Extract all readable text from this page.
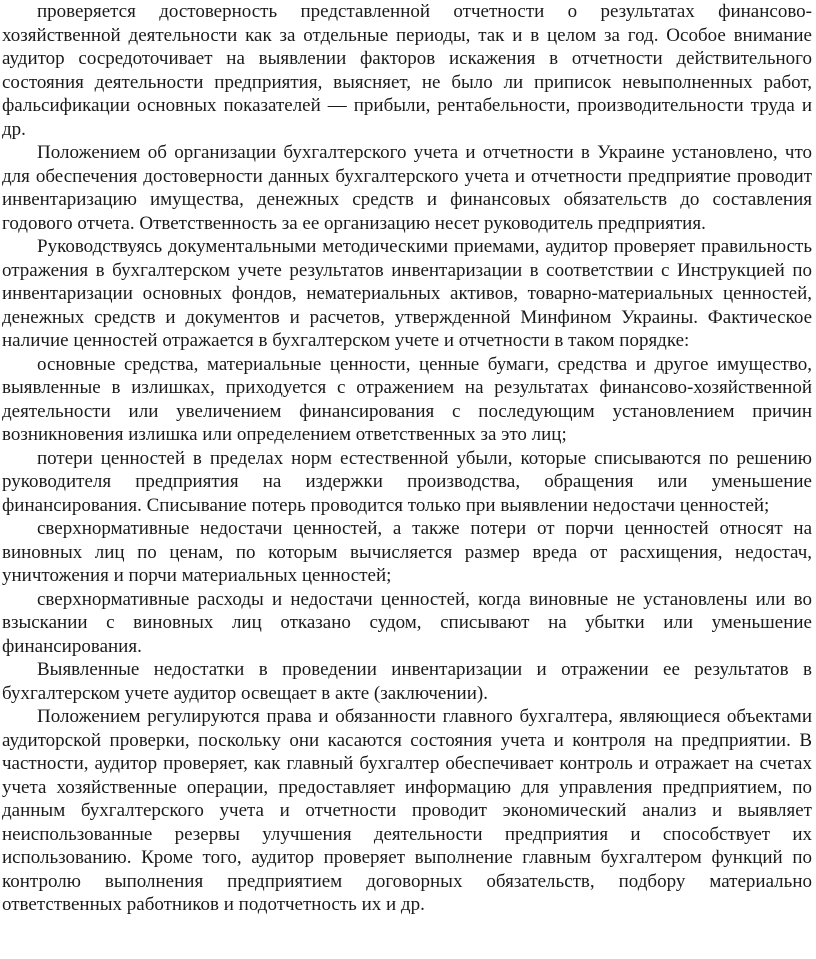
проверяется достоверность представленной отчетности о результатах финансово-хозяйственной деятельности как за отдельные периоды, так и в целом за год. Особое внимание аудитор сосредоточивает на выявлении факторов искажения в отчетности действительного состояния деятельности предприятия, выясняет, не было ли приписок невыполненных работ, фальсификации основных показателей — прибыли, рентабельности, производительности труда и др.

Положением об организации бухгалтерского учета и отчетности в Украине установлено, что для обеспечения достоверности данных бухгалтерского учета и отчетности предприятие проводит инвентаризацию имущества, денежных средств и финансовых обязательств до составления годового отчета. Ответственность за ее организацию несет руководитель предприятия.

Руководствуясь документальными методическими приемами, аудитор проверяет правильность отражения в бухгалтерском учете результатов инвентаризации в соответствии с Инструкцией по инвентаризации основных фондов, нематериальных активов, товарно-материальных ценностей, денежных средств и документов и расчетов, утвержденной Минфином Украины. Фактическое наличие ценностей отражается в бухгалтерском учете и отчетности в таком порядке:

основные средства, материальные ценности, ценные бумаги, средства и другое имущество, выявленные в излишках, приходуется с отражением на результатах финансово-хозяйственной деятельности или увеличением финансирования с последующим установлением причин возникновения излишка или определением ответственных за это лиц;

потери ценностей в пределах норм естественной убыли, которые списываются по решению руководителя предприятия на издержки производства, обращения или уменьшение финансирования. Списывание потерь проводится только при выявлении недостачи ценностей;

сверхнормативные недостачи ценностей, а также потери от порчи ценностей относят на виновных лиц по ценам, по которым вычисляется размер вреда от расхищения, недостач, уничтожения и порчи материальных ценностей;

сверхнормативные расходы и недостачи ценностей, когда виновные не установлены или во взыскании с виновных лиц отказано судом, списывают на убытки или уменьшение финансирования.

Выявленные недостатки в проведении инвентаризации и отражении ее результатов в бухгалтерском учете аудитор освещает в акте (заключении).

Положением регулируются права и обязанности главного бухгалтера, являющиеся объектами аудиторской проверки, поскольку они касаются состояния учета и контроля на предприятии. В частности, аудитор проверяет, как главный бухгалтер обеспечивает контроль и отражает на счетах учета хозяйственные операции, предоставляет информацию для управления предприятием, по данным бухгалтерского учета и отчетности проводит экономический анализ и выявляет неиспользованные резервы улучшения деятельности предприятия и способствует их использованию. Кроме того, аудитор проверяет выполнение главным бухгалтером функций по контролю выполнения предприятием договорных обязательств, подбору материально ответственных работников и подотчетность их и др.
